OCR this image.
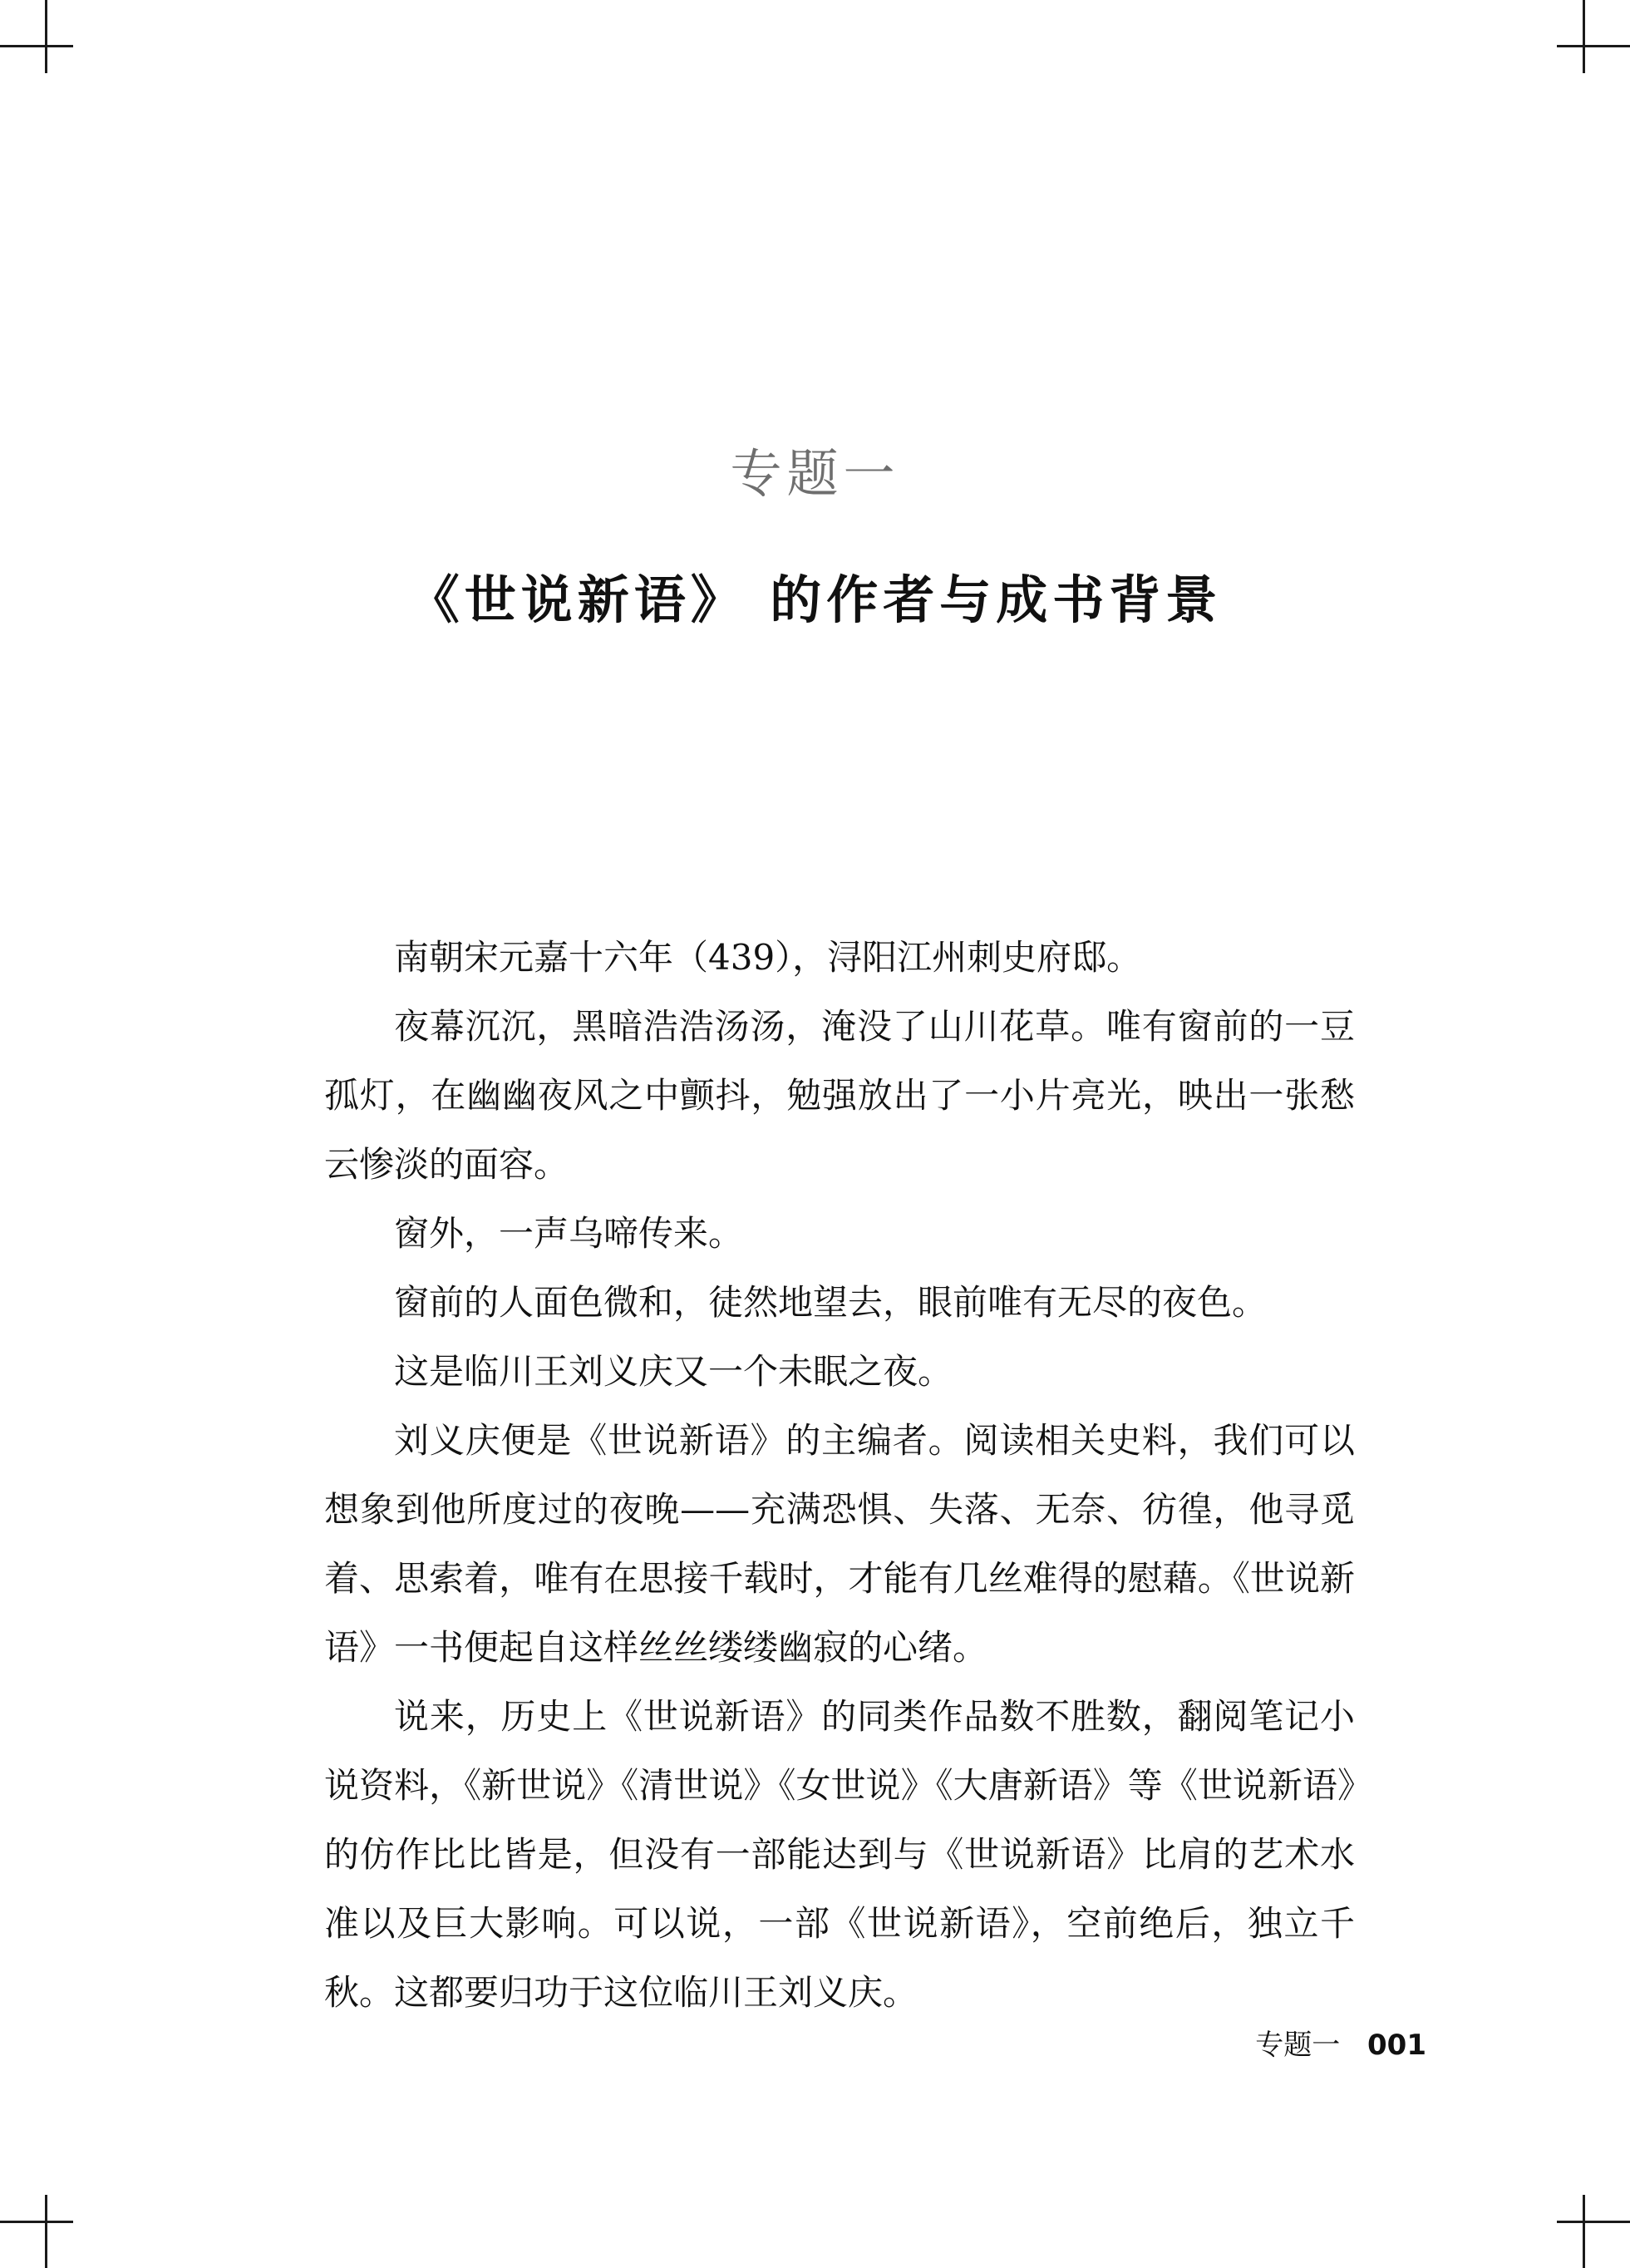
专题一
《世说新语》 的作者与成书背景

南朝宋元嘉十六年（439），浔阳江州刺史府邸。

夜幕沉沉，黑暗浩浩汤汤，淹没了山川花草。唯有窗前的一豆孤灯，在幽幽夜风之中颤抖，勉强放出了一小片亮光，映出一张愁云惨淡的面容。

窗外，一声乌啼传来。

窗前的人面色微和，徒然地望去，眼前唯有无尽的夜色。

这是临川王刘义庆又一个未眠之夜。

刘义庆便是《世说新语》的主编者。阅读相关史料，我们可以想象到他所度过的夜晚——充满恐惧、失落、无奈、彷徨，他寻觅着、思索着，唯有在思接千载时，才能有几丝难得的慰藉。《世说新语》一书便起自这样丝丝缕缕幽寂的心绪。

说来，历史上《世说新语》的同类作品数不胜数，翻阅笔记小说资料，《新世说》《清世说》《女世说》《大唐新语》等《世说新语》的仿作比比皆是，但没有一部能达到与《世说新语》比肩的艺术水准以及巨大影响。可以说，一部《世说新语》，空前绝后，独立千秋。这都要归功于这位临川王刘义庆。

专题一 001
